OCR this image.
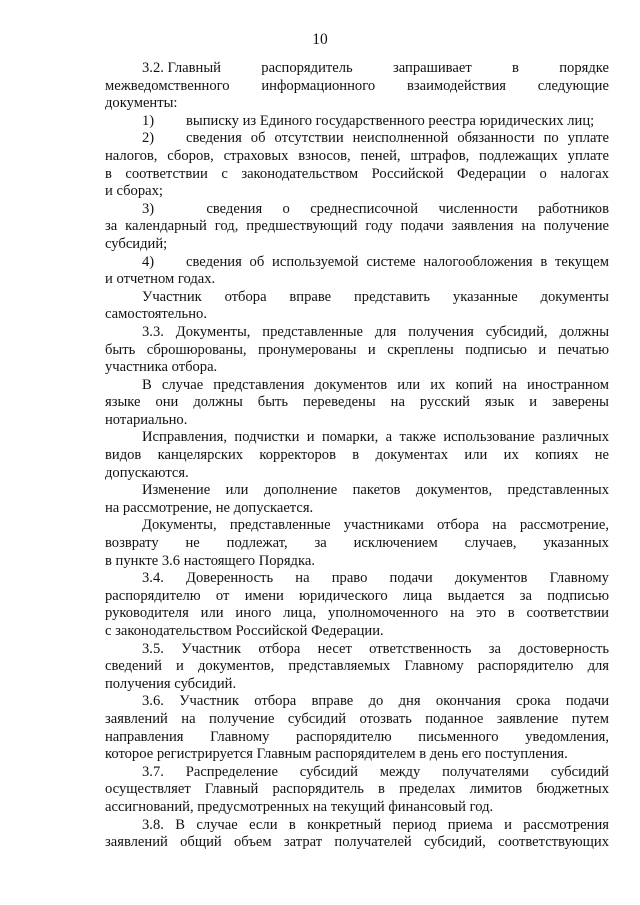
10
3.2. Главный	распорядитель	запрашивает	в	порядке
межведомственного информационного взаимодействия следующие
документы:
1) выписку из Единого государственного реестра юридических лиц;
2)	сведения об отсутствии неисполненной обязанности по уплате
налогов, сборов, страховых взносов, пеней, штрафов, подлежащих уплате
в соответствии с законодательством Российской Федерации о налогах
и сборах;
3)	сведения о среднесписочной численности работников
за календарный год, предшествующий году подачи заявления на получение
субсидий;
4)	сведения об используемой системе налогообложения в текущем
и отчетном годах.
Участник отбора вправе представить указанные документы
самостоятельно.
3.3. Документы, представленные для получения субсидий, должны
быть сброшюрованы, пронумерованы и скреплены подписью и печатью
участника отбора.
В случае представления документов или их копий на иностранном
языке они должны быть переведены на русский язык и заверены
нотариально.
Исправления, подчистки и помарки, а также использование различных
видов канцелярских корректоров в документах или их копиях не
допускаются.
Изменение или дополнение пакетов документов, представленных
на рассмотрение, не допускается.
Документы, представленные участниками отбора на рассмотрение,
возврату не подлежат, за исключением случаев, указанных
в пункте 3.6 настоящего Порядка.
3.4. Доверенность на право подачи документов Главному
распорядителю от имени юридического лица выдается за подписью
руководителя или иного лица, уполномоченного на это в соответствии
с законодательством Российской Федерации.
3.5. Участник отбора несет ответственность за достоверность
сведений и документов, представляемых Главному распорядителю для
получения субсидий.
3.6. Участник отбора вправе до дня окончания срока подачи
заявлений на получение субсидий отозвать поданное заявление путем
направления Главному распорядителю письменного уведомления,
которое регистрируется Главным распорядителем в день его поступления.
3.7. Распределение субсидий между получателями субсидий
осуществляет Главный распорядитель в пределах лимитов бюджетных
ассигнований, предусмотренных на текущий финансовый год.
3.8. В случае если в конкретный период приема и рассмотрения
заявлений общий объем затрат получателей субсидий, соответствующих
